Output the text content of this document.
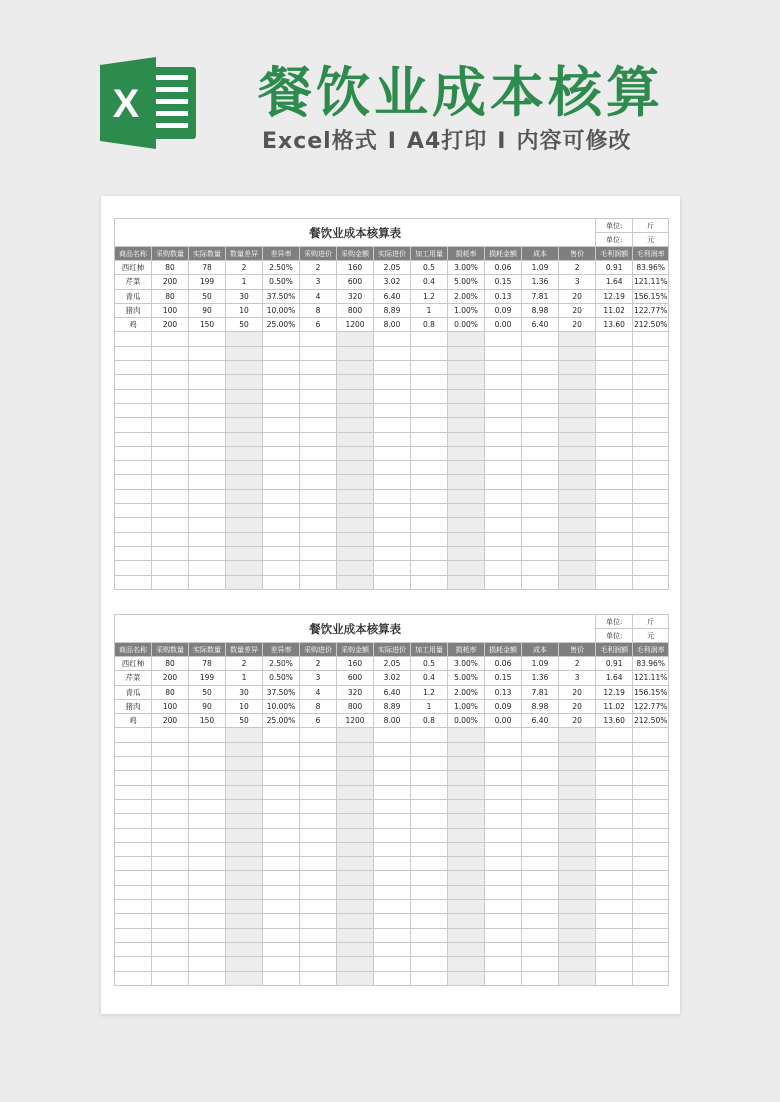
X 餐饮业成本核算
Excel格式 I A4打印 I 内容可修改
餐饮业成本核算表													单位:	斤
													单位:	元
商品名称	采购数量	实际数量	数量差异	差异率	采购进价	采购金额	实际进价	加工用量	损耗率	损耗金额	成本	售价	毛利润额	毛利润率
西红柿	80	78	2	2.50%	2	160	2.05	0.5	3.00%	0.06	1.09	2	0.91	83.96%
芹菜	200	199	1	0.50%	3	600	3.02	0.4	5.00%	0.15	1.36	3	1.64	121.11%
青瓜	80	50	30	37.50%	4	320	6.40	1.2	2.00%	0.13	7.81	20	12.19	156.15%
猪肉	100	90	10	10.00%	8	800	8.89	1	1.00%	0.09	8.98	20	11.02	122.77%
鸡	200	150	50	25.00%	6	1200	8.00	0.8	0.00%	0.00	6.40	20	13.60	212.50%

餐饮业成本核算表													单位:	斤
													单位:	元
商品名称	采购数量	实际数量	数量差异	差异率	采购进价	采购金额	实际进价	加工用量	损耗率	损耗金额	成本	售价	毛利润额	毛利润率
西红柿	80	78	2	2.50%	2	160	2.05	0.5	3.00%	0.06	1.09	2	0.91	83.96%
芹菜	200	199	1	0.50%	3	600	3.02	0.4	5.00%	0.15	1.36	3	1.64	121.11%
青瓜	80	50	30	37.50%	4	320	6.40	1.2	2.00%	0.13	7.81	20	12.19	156.15%
猪肉	100	90	10	10.00%	8	800	8.89	1	1.00%	0.09	8.98	20	11.02	122.77%
鸡	200	150	50	25.00%	6	1200	8.00	0.8	0.00%	0.00	6.40	20	13.60	212.50%
